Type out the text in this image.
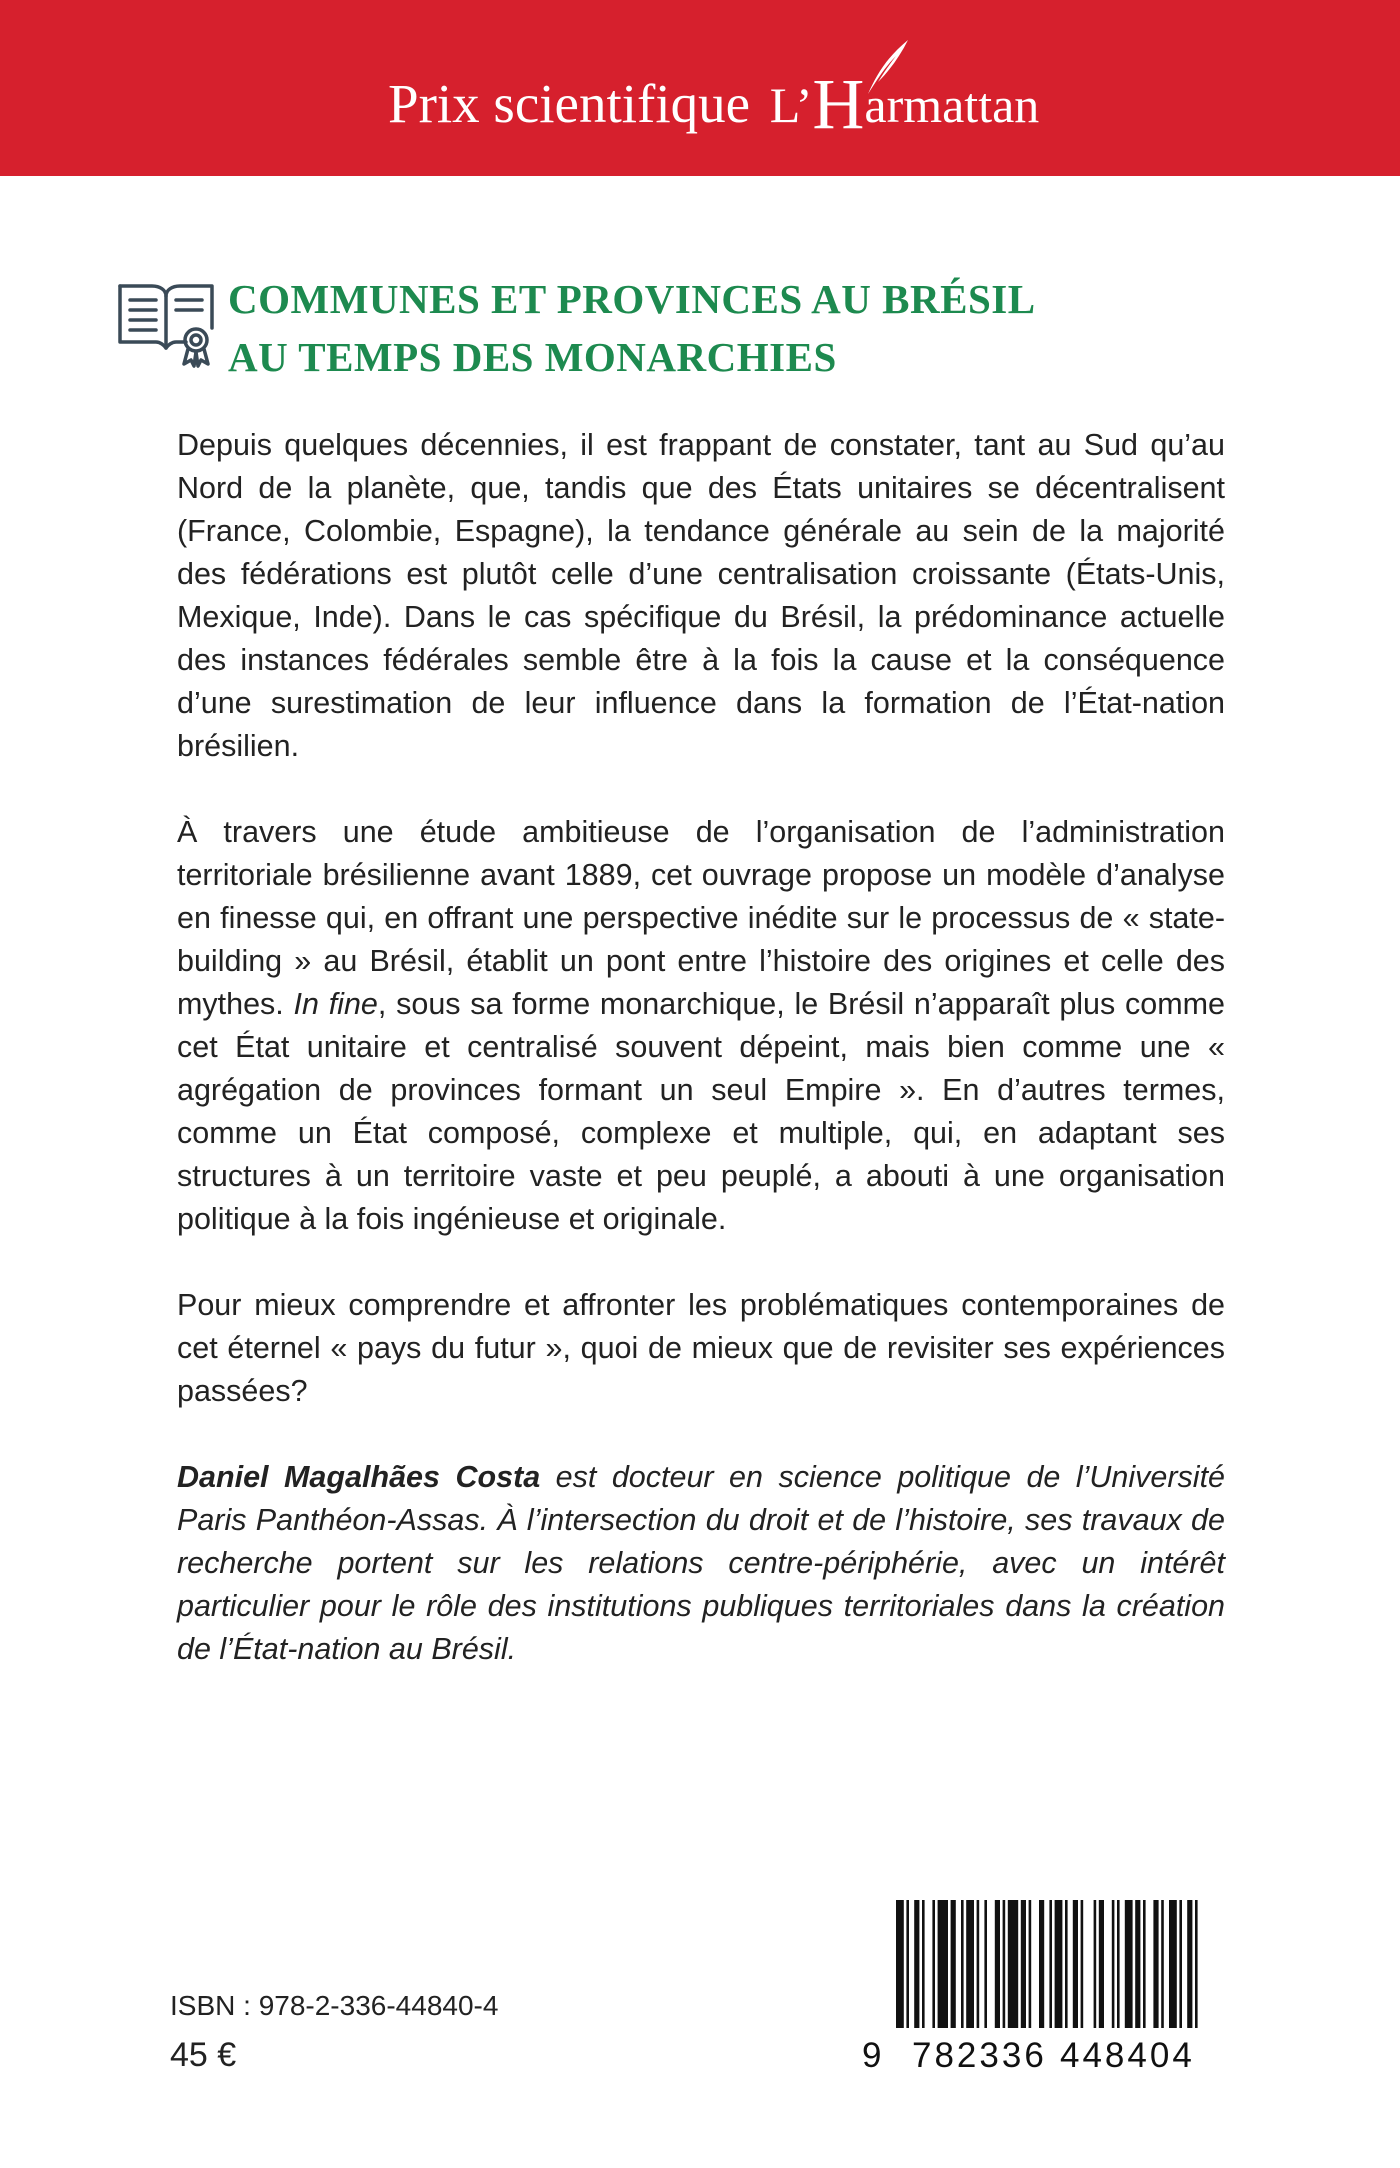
Prix scientifique L’Harmattan
COMMUNES ET PROVINCES AU BRÉSIL
AU TEMPS DES MONARCHIES

Depuis quelques décennies, il est frappant de constater, tant au Sud qu’au Nord de la planète, que, tandis que des États unitaires se décentralisent (France, Colombie, Espagne), la tendance générale au sein de la majorité des fédérations est plutôt celle d’une centralisation croissante (États-Unis, Mexique, Inde). Dans le cas spécifique du Brésil, la prédominance actuelle des instances fédérales semble être à la fois la cause et la conséquence d’une surestimation de leur influence dans la formation de l’État-nation brésilien.

À travers une étude ambitieuse de l’organisation de l’administration territoriale brésilienne avant 1889, cet ouvrage propose un modèle d’analyse en finesse qui, en offrant une perspective inédite sur le processus de « state-building » au Brésil, établit un pont entre l’histoire des origines et celle des mythes. In fine, sous sa forme monarchique, le Brésil n’apparaît plus comme cet État unitaire et centralisé souvent dépeint, mais bien comme une « agrégation de provinces formant un seul Empire ». En d’autres termes, comme un État composé, complexe et multiple, qui, en adaptant ses structures à un territoire vaste et peu peuplé, a abouti à une organisation politique à la fois ingénieuse et originale.

Pour mieux comprendre et affronter les problématiques contemporaines de cet éternel « pays du futur », quoi de mieux que de revisiter ses expériences passées?

Daniel Magalhães Costa est docteur en science politique de l’Université Paris Panthéon-Assas. À l’intersection du droit et de l’histoire, ses travaux de recherche portent sur les relations centre-périphérie, avec un intérêt particulier pour le rôle des institutions publiques territoriales dans la création de l’État-nation au Brésil.

ISBN : 978-2-336-44840-4
45 €	9 782336 448404
